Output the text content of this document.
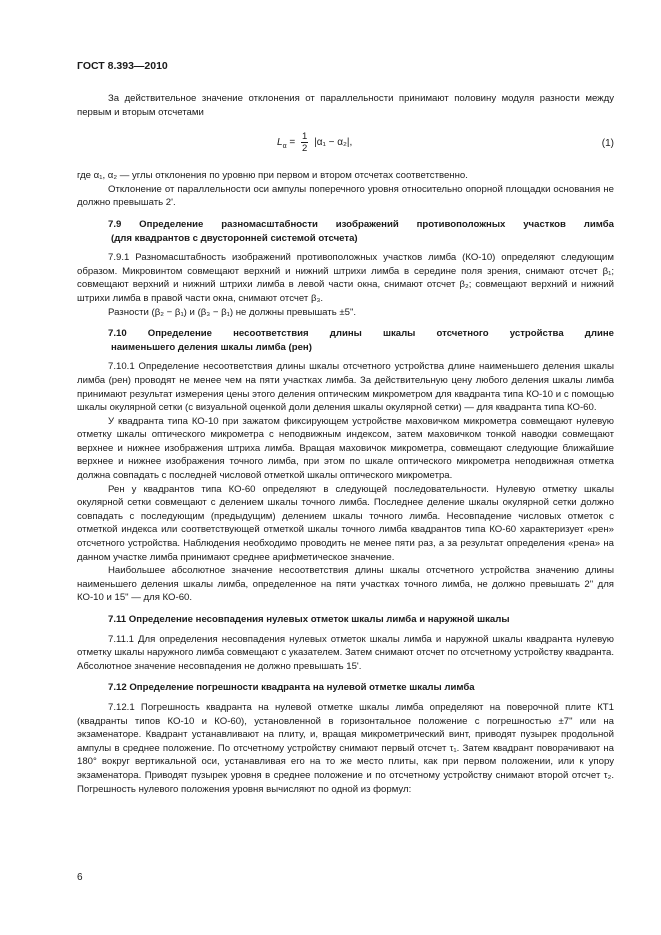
ГОСТ 8.393—2010

За действительное значение отклонения от параллельности принимают половину модуля разности между первым и вторым отсчетами

$L_\alpha = \frac{1}{2} |\alpha_1 - \alpha_2|$,	(1)

где α₁, α₂ — углы отклонения по уровню при первом и втором отсчетах соответственно.

Отклонение от параллельности оси ампулы поперечного уровня относительно опорной площадки основания не должно превышать 2'.

7.9 Определение разномасштабности изображений противоположных участков лимба
(для квадрантов с двусторонней системой отсчета)

7.9.1 Разномасштабность изображений противоположных участков лимба (КО-10) определяют следующим образом. Микровинтом совмещают верхний и нижний штрихи лимба в середине поля зрения, снимают отсчет β₁; совмещают верхний и нижний штрихи лимба в левой части окна, снимают отсчет β₂; совмещают верхний и нижний штрихи лимба в правой части окна, снимают отсчет β₃.

Разности (β₂ − β₁) и (β₃ − β₁) не должны превышать ±5".

7.10 Определение несоответствия длины шкалы отсчетного устройства длине
наименьшего деления шкалы лимба (рен)

7.10.1 Определение несоответствия длины шкалы отсчетного устройства длине наименьшего деления шкалы лимба (рен) проводят не менее чем на пяти участках лимба. За действительную цену любого деления шкалы лимба принимают результат измерения цены этого деления оптическим микрометром для квадранта типа КО-10 и с помощью шкалы окулярной сетки (с визуальной оценкой доли деления шкалы окулярной сетки) — для квадранта типа КО-60.

У квадранта типа КО-10 при зажатом фиксирующем устройстве маховичком микрометра совмещают нулевую отметку шкалы оптического микрометра с неподвижным индексом, затем маховичком тонкой наводки совмещают верхнее и нижнее изображения штриха лимба. Вращая маховичок микрометра, совмещают следующие ближайшие верхнее и нижнее изображения точного лимба, при этом по шкале оптического микрометра неподвижная отметка должна совпадать с последней числовой отметкой шкалы оптического микрометра.

Рен у квадрантов типа КО-60 определяют в следующей последовательности. Нулевую отметку шкалы окулярной сетки совмещают с делением шкалы точного лимба. Последнее деление шкалы окулярной сетки должно совпадать с последующим (предыдущим) делением шкалы точного лимба. Несовпадение числовых отметок с отметкой индекса или соответствующей отметкой шкалы точного лимба квадрантов типа КО-60 характеризует «рен» отсчетного устройства. Наблюдения необходимо проводить не менее пяти раз, а за результат определения «рена» на данном участке лимба принимают среднее арифметическое значение.

Наибольшее абсолютное значение несоответствия длины шкалы отсчетного устройства значению длины наименьшего деления шкалы лимба, определенное на пяти участках точного лимба, не должно превышать 2" для КО-10 и 15" — для КО-60.

7.11 Определение несовпадения нулевых отметок шкалы лимба и наружной шкалы

7.11.1 Для определения несовпадения нулевых отметок шкалы лимба и наружной шкалы квадранта нулевую отметку шкалы наружного лимба совмещают с указателем. Затем снимают отсчет по отсчетному устройству квадранта. Абсолютное значение несовпадения не должно превышать 15'.

7.12 Определение погрешности квадранта на нулевой отметке шкалы лимба

7.12.1 Погрешность квадранта на нулевой отметке шкалы лимба определяют на поверочной плите КТ1 (квадранты типов КО-10 и КО-60), установленной в горизонтальное положение с погрешностью ±7" или на экзаменаторе. Квадрант устанавливают на плиту, и, вращая микрометрический винт, приводят пузырек продольной ампулы в среднее положение. По отсчетному устройству снимают первый отсчет τ₁. Затем квадрант поворачивают на 180° вокруг вертикальной оси, устанавливая его на то же место плиты, как при первом положении, или к упору экзаменатора. Приводят пузырек уровня в среднее положение и по отсчетному устройству снимают второй отсчет τ₂. Погрешность нулевого положения уровня вычисляют по одной из формул:

6
